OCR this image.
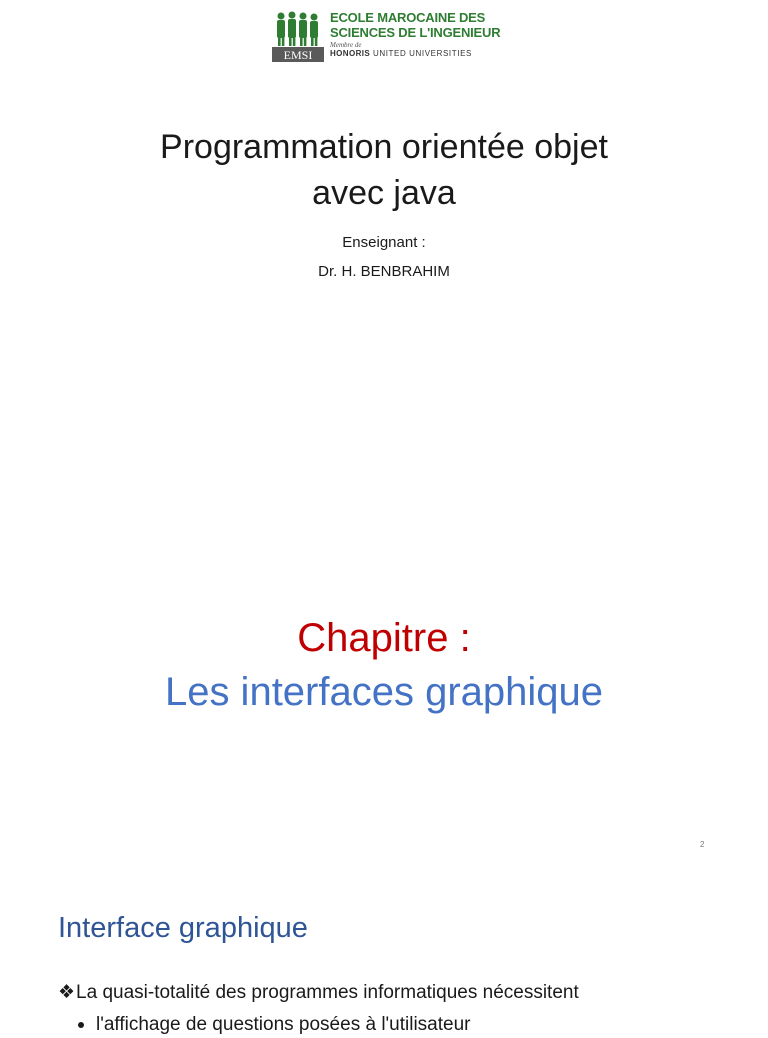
EMSI
ECOLE MAROCAINE DES
SCIENCES DE L'INGENIEUR
Membre de
HONORIS UNITED UNIVERSITIES
Programmation orientée objet
avec java
Enseignant :
Dr. H. BENBRAHIM
Chapitre :
Les interfaces graphique
2
Interface graphique
❖La quasi-totalité des programmes informatiques nécessitent
l'affichage de questions posées à l'utilisateur
